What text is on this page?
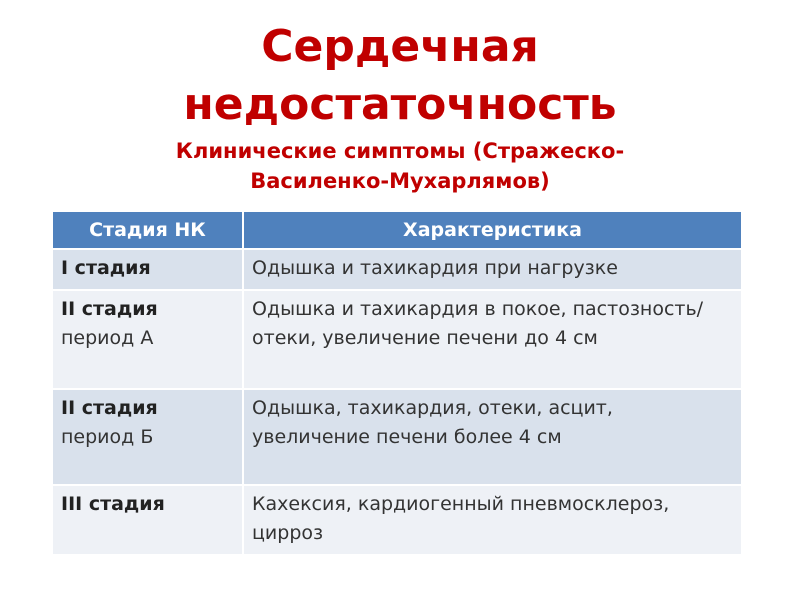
Сердечная
недостаточность
Клинические симптомы (Стражеско-
Василенко-Мухарлямов)
Стадия НК	Характеристика

I стадия	Одышка и тахикардия при нагрузке

II стадия
период А	Одышка и тахикардия в покое, пастозность/отеки, увеличение печени до 4 см

II стадия
период Б	Одышка, тахикардия, отеки, асцит, увеличение печени более 4 см

III стадия	Кахексия, кардиогенный пневмосклероз, цирроз
